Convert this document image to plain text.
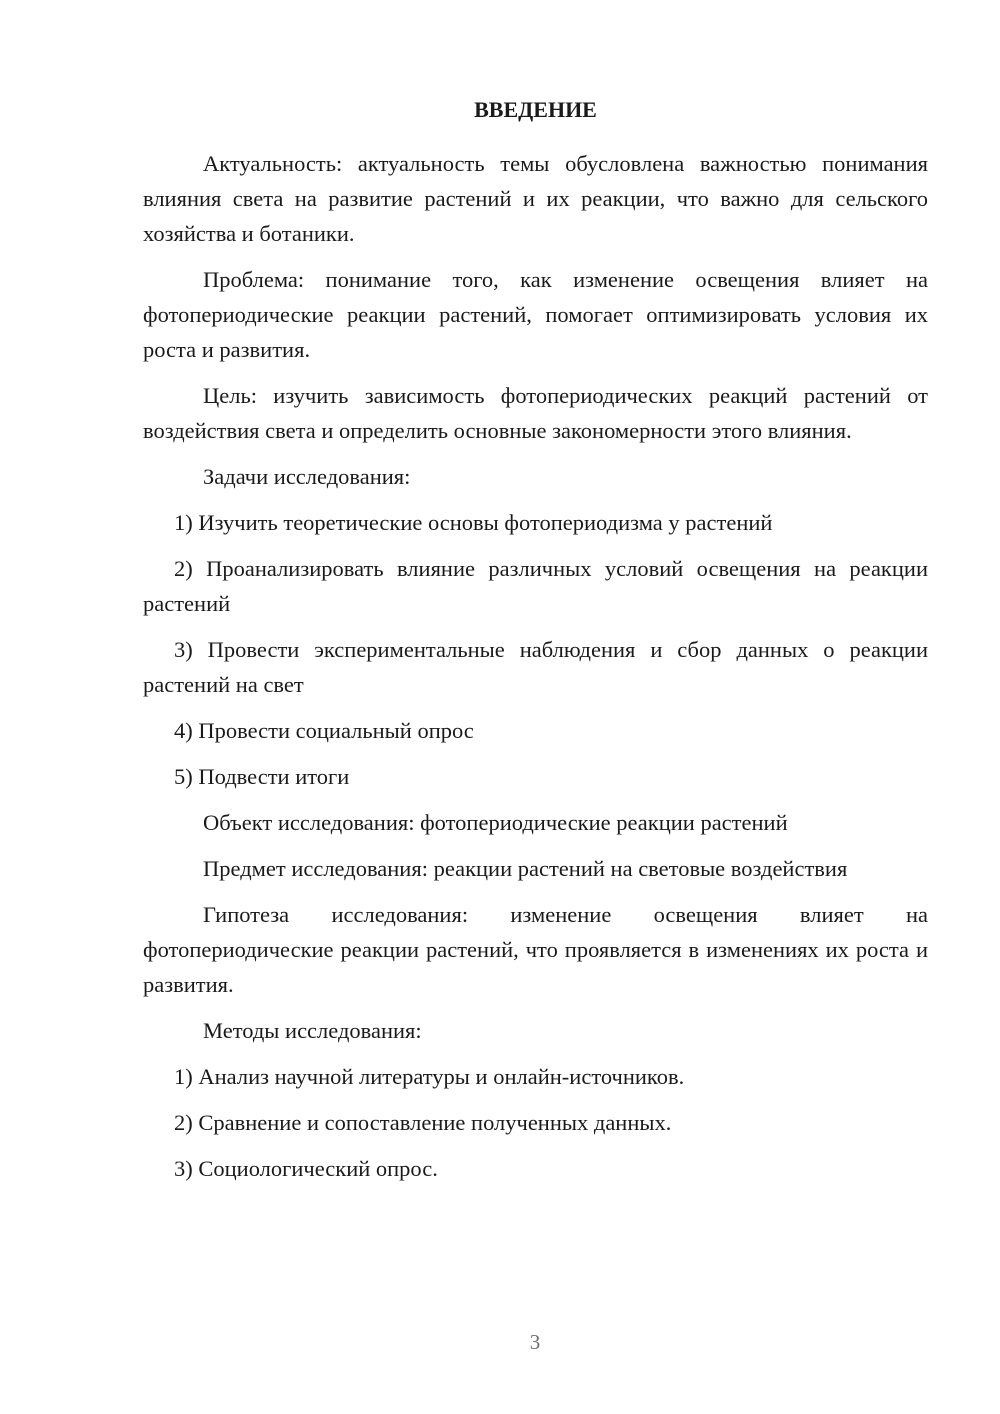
ВВЕДЕНИЕ

Актуальность: актуальность темы обусловлена важностью понимания влияния света на развитие растений и их реакции, что важно для сельского хозяйства и ботаники.

Проблема: понимание того, как изменение освещения влияет на фотопериодические реакции растений, помогает оптимизировать условия их роста и развития.

Цель: изучить зависимость фотопериодических реакций растений от воздействия света и определить основные закономерности этого влияния.

Задачи исследования:

1) Изучить теоретические основы фотопериодизма у растений

2) Проанализировать влияние различных условий освещения на реакции растений

3) Провести экспериментальные наблюдения и сбор данных о реакции растений на свет

4) Провести социальный опрос

5) Подвести итоги

Объект исследования: фотопериодические реакции растений

Предмет исследования: реакции растений на световые воздействия

Гипотеза исследования: изменение освещения влияет на фотопериодические реакции растений, что проявляется в изменениях их роста и развития.

Методы исследования:

1) Анализ научной литературы и онлайн-источников.

2) Сравнение и сопоставление полученных данных.

3) Социологический опрос.

3
